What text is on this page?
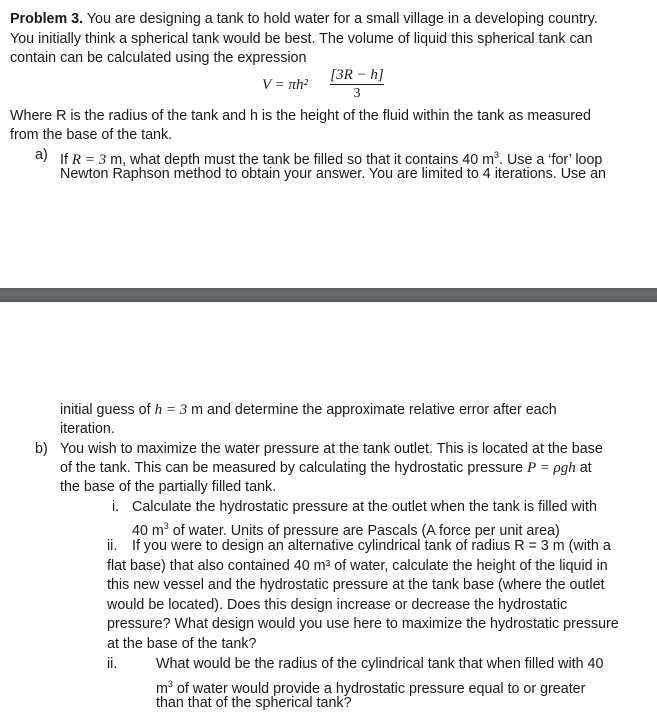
Problem 3. You are designing a tank to hold water for a small village in a developing country.
You initially think a spherical tank would be best. The volume of liquid this spherical tank can
contain can be calculated using the expression
$V = \pi h^2 \frac{[3R - h]}{3}$
Where R is the radius of the tank and h is the height of the fluid within the tank as measured
from the base of the tank.
a) If R = 3 m, what depth must the tank be filled so that it contains 40 $m^3$. Use a ‘for’ loop
Newton Raphson method to obtain your answer. You are limited to 4 iterations. Use an
initial guess of h = 3 m and determine the approximate relative error after each
iteration.
b) You wish to maximize the water pressure at the tank outlet. This is located at the base
of the tank. This can be measured by calculating the hydrostatic pressure P = ρgh at
the base of the partially filled tank.
i. Calculate the hydrostatic pressure at the outlet when the tank is filled with
40 $m^3$ of water. Units of pressure are Pascals (A force per unit area)
ii. If you were to design an alternative cylindrical tank of radius R = 3 m (with a
flat base) that also contained 40 m³ of water, calculate the height of the liquid in
this new vessel and the hydrostatic pressure at the tank base (where the outlet
would be located). Does this design increase or decrease the hydrostatic
pressure? What design would you use here to maximize the hydrostatic pressure
at the base of the tank?
ii.	What would be the radius of the cylindrical tank that when filled with 40
$m^3$ of water would provide a hydrostatic pressure equal to or greater
than that of the spherical tank?
